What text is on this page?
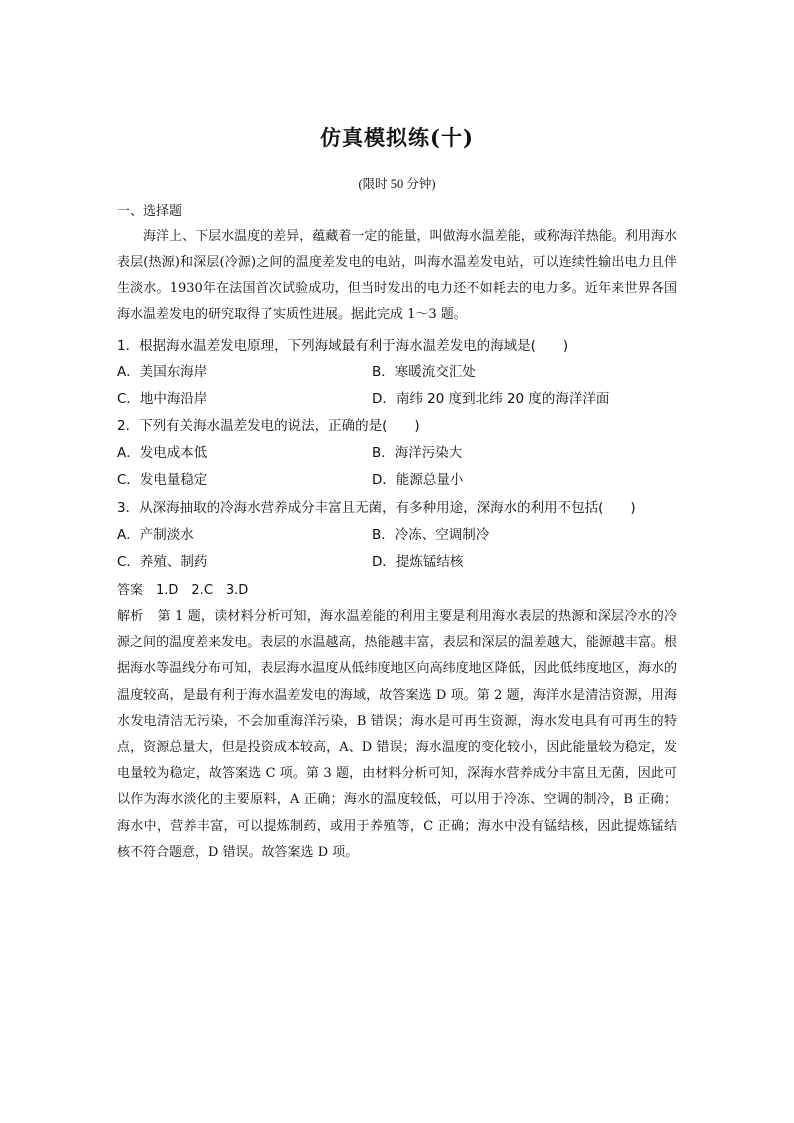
仿真模拟练(十)
(限时 50 分钟)
一、选择题

海洋上、下层水温度的差异，蕴藏着一定的能量，叫做海水温差能，或称海洋热能。利用海水表层(热源)和深层(冷源)之间的温度差发电的电站，叫海水温差发电站，可以连续性输出电力且伴生淡水。1930年在法国首次试验成功，但当时发出的电力还不如耗去的电力多。近年来世界各国海水温差发电的研究取得了实质性进展。据此完成 1～3 题。

1．根据海水温差发电原理，下列海域最有利于海水温差发电的海域是(　　)
A．美国东海岸	B．寒暖流交汇处
C．地中海沿岸	D．南纬 20 度到北纬 20 度的海洋洋面
2．下列有关海水温差发电的说法，正确的是(　　)
A．发电成本低	B．海洋污染大
C．发电量稳定	D．能源总量小
3．从深海抽取的冷海水营养成分丰富且无菌，有多种用途，深海水的利用不包括(　　)
A．产制淡水	B．冷冻、空调制冷
C．养殖、制药	D．提炼锰结核
答案　1.D　2.C　3.D

解析 第 1 题，读材料分析可知，海水温差能的利用主要是利用海水表层的热源和深层冷水的冷源之间的温度差来发电。表层的水温越高，热能越丰富，表层和深层的温差越大，能源越丰富。根据海水等温线分布可知，表层海水温度从低纬度地区向高纬度地区降低，因此低纬度地区，海水的温度较高，是最有利于海水温差发电的海域，故答案选 D 项。第 2 题，海洋水是清洁资源，用海水发电清洁无污染，不会加重海洋污染，B 错误；海水是可再生资源，海水发电具有可再生的特点，资源总量大，但是投资成本较高，A、D 错误；海水温度的变化较小，因此能量较为稳定，发电量较为稳定，故答案选 C 项。第 3 题，由材料分析可知，深海水营养成分丰富且无菌，因此可以作为海水淡化的主要原料，A 正确；海水的温度较低，可以用于冷冻、空调的制冷，B 正确；海水中，营养丰富，可以提炼制药，或用于养殖等，C 正确；海水中没有锰结核，因此提炼锰结核不符合题意，D 错误。故答案选 D 项。
